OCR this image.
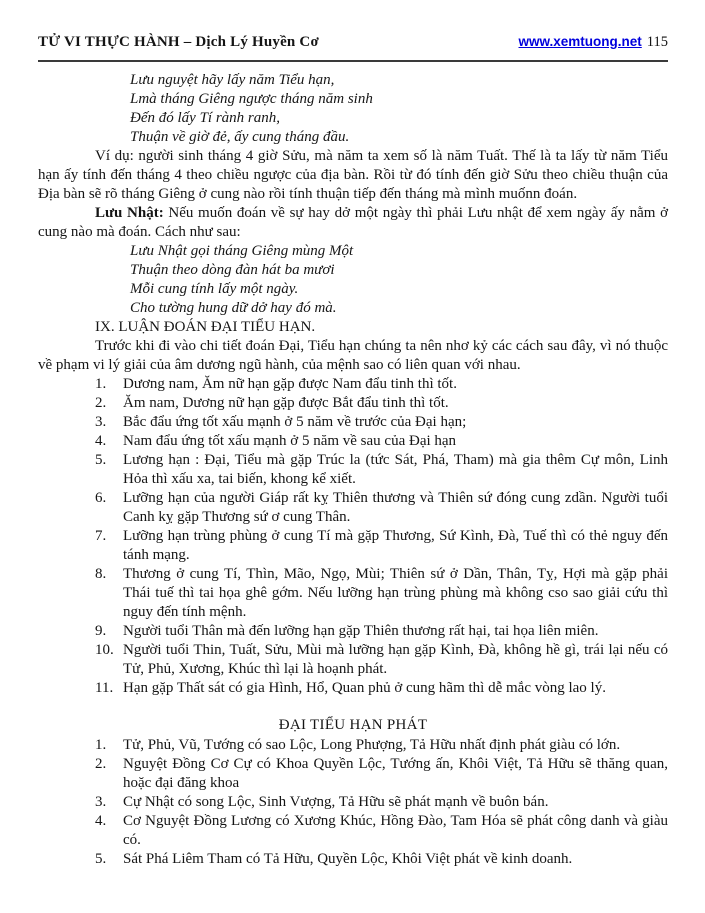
TỬ VI THỰC HÀNH – Dịch Lý Huyền Cơ	www.xemtuong.net 115
Lưu nguyệt hãy lấy năm Tiểu hạn,
Lmà tháng Giêng ngược tháng năm sinh
Đến đó lấy Tí rành ranh,
Thuận về giờ đẻ, ấy cung tháng đầu.

Ví dụ: người sinh tháng 4 giờ Sửu, mà năm ta xem số là năm Tuất. Thế là ta lấy từ năm Tiểu hạn ấy tính đến tháng 4 theo chiều ngược của địa bàn. Rồi từ đó tính đến giờ Sửu theo chiều thuận của Địa bàn sẽ rõ tháng Giêng ở cung nào rồi tính thuận tiếp đến tháng mà mình muốnn đoán.

Lưu Nhật: Nếu muốn đoán về sự hay dở một ngày thì phải Lưu nhật để xem ngày ấy nằm ở cung nào mà đoán. Cách như sau:

Lưu Nhật gọi tháng Giêng mùng Một
Thuận theo dòng đàn hát ba mươi
Mỗi cung tính lấy một ngày.
Cho tường hung dữ dở hay đó mà.

IX. LUẬN ĐOÁN ĐẠI TIỂU HẠN.

Trước khi đi vào chi tiết đoán Đại, Tiểu hạn chúng ta nên nhơ kỷ các cách sau đây, vì nó thuộc về phạm vi lý giải của âm dương ngũ hành, của mệnh sao có liên quan với nhau.

1. Dương nam, Ăm nữ hạn gặp được Nam đẩu tinh thì tốt.
2. Ăm nam, Dương nữ hạn gặp được Bắt đẩu tinh thì tốt.
3. Bắc đẩu ứng tốt xấu mạnh ở 5 năm về trước của Đại hạn;
4. Nam đẩu ứng tốt xấu mạnh ở 5 năm về sau của Đại hạn
5. Lương hạn : Đại, Tiểu mà gặp Trúc la (tức Sát, Phá, Tham) mà gia thêm Cự môn, Linh Hỏa thì xấu xa, tai biến, khong kể xiết.
6. Lưỡng hạn của người Giáp rất kỵ Thiên thương và Thiên sứ đóng cung zdần. Người tuổi Canh kỵ gặp Thương sứ ơ cung Thân.
7. Lưỡng hạn trùng phùng ở cung Tí mà gặp Thương, Sứ Kình, Đà, Tuế thì có thẻ nguy đến tánh mạng.
8. Thương ở cung Tí, Thìn, Mão, Ngọ, Mùi; Thiên sứ ở Dần, Thân, Tỵ, Hợi mà gặp phải Thái tuế thì tai họa ghê gớm. Nếu lưỡng hạn trùng phùng mà không cso sao giải cứu thì nguy đến tính mệnh.
9. Người tuổi Thân mà đến lưỡng hạn gặp Thiên thương rất hại, tai họa liên miên.
10. Người tuổi Thin, Tuất, Sửu, Mùi mà lưỡng hạn gặp Kình, Đà, không hề gì, trái lại nếu có Tử, Phủ, Xương, Khúc thì lại là hoạnh phát.
11. Hạn gặp Thất sát có gia Hình, Hổ, Quan phủ ở cung hãm thì dễ mắc vòng lao lý.

ĐẠI TIỂU HẠN PHÁT

1. Tử, Phủ, Vũ, Tướng có sao Lộc, Long Phượng, Tả Hữu nhất định phát giàu có lớn.
2. Nguyệt Đồng Cơ Cự có Khoa Quyền Lộc, Tướng ấn, Khôi Việt, Tả Hữu sẽ thăng quan, hoặc đại đăng khoa
3. Cự Nhật có song Lộc, Sinh Vượng, Tả Hữu sẽ phát mạnh về buôn bán.
4. Cơ Nguyệt Đồng Lương có Xương Khúc, Hồng Đào, Tam Hóa sẽ phát công danh và giàu có.
5. Sát Phá Liêm Tham có Tả Hữu, Quyền Lộc, Khôi Việt phát về kinh doanh.
